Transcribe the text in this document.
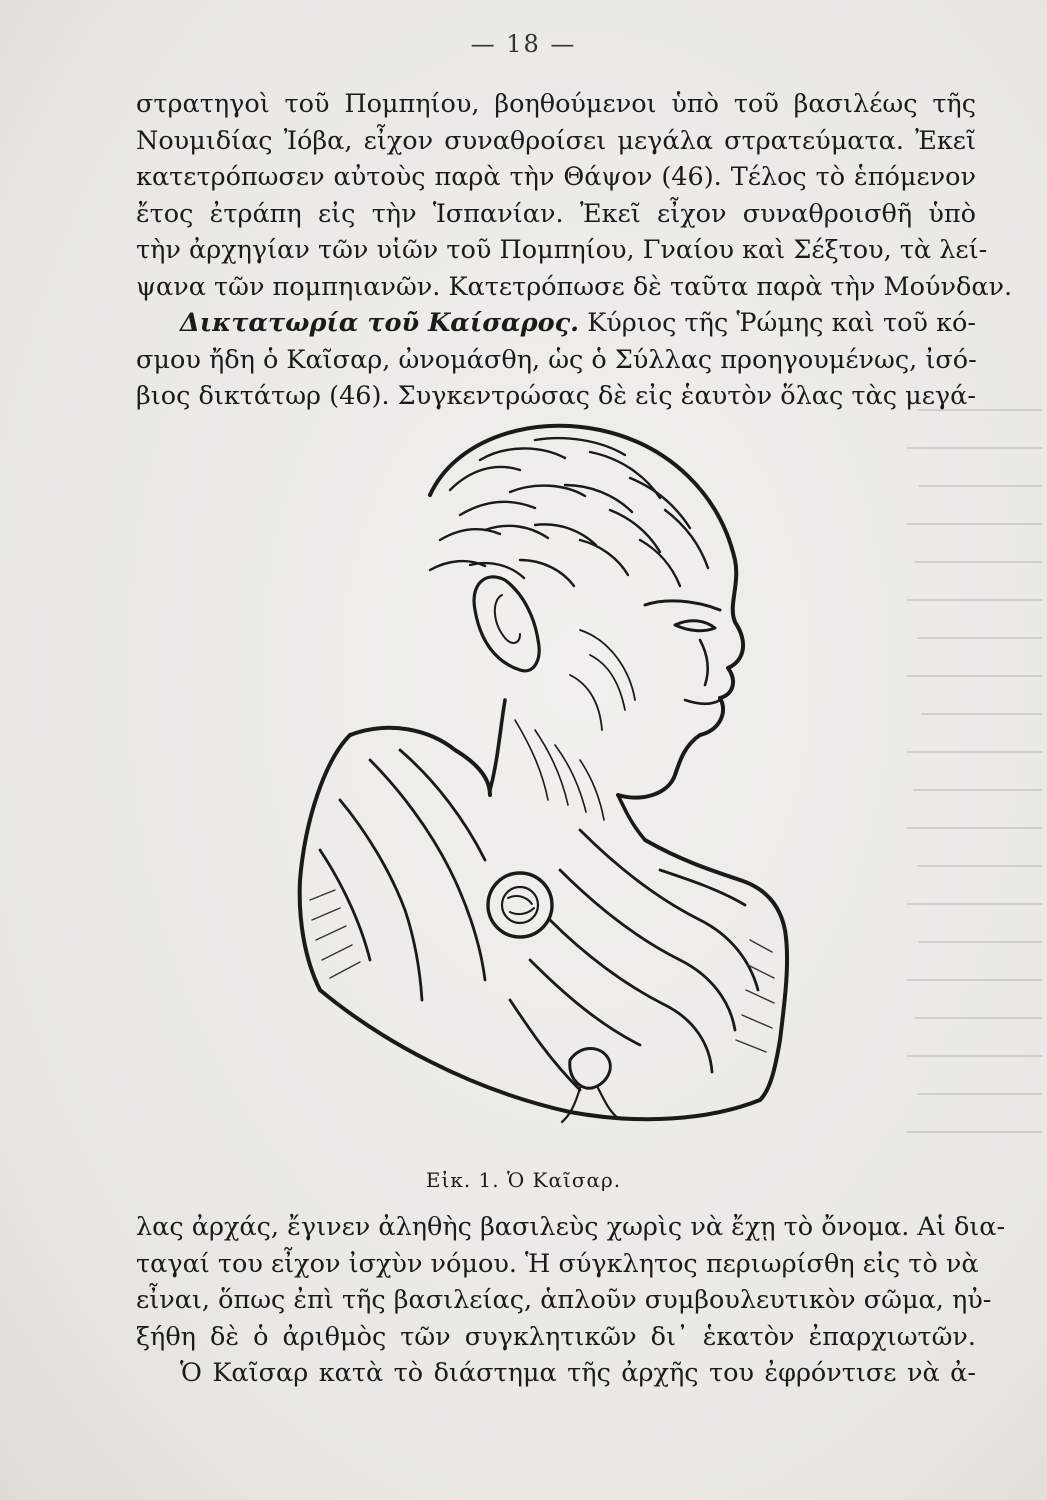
— 18 —

στρατηγοὶ τοῦ Πομπηίου, βοηθούμενοι ὑπὸ τοῦ βασιλέως τῆς
Νουμιδίας Ἰόβα, εἶχον συναθροίσει μεγάλα στρατεύματα. Ἐκεῖ
κατετρόπωσεν αὐτοὺς παρὰ τὴν Θάψον (46). Τέλος τὸ ἑπόμενον
ἔτος ἐτράπη εἰς τὴν Ἱσπανίαν. Ἐκεῖ εἶχον συναθροισθῆ ὑπὸ
τὴν ἀρχηγίαν τῶν υἱῶν τοῦ Πομπηίου, Γναίου καὶ Σέξτου, τὰ λεί-
ψανα τῶν πομπηιανῶν. Κατετρόπωσε δὲ ταῦτα παρὰ τὴν Μούνδαν.

Δικτατωρία τοῦ Καίσαρος. Κύριος τῆς Ῥώμης καὶ τοῦ κό-
σμου ἤδη ὁ Καῖσαρ, ὠνομάσθη, ὡς ὁ Σύλλας προηγουμένως, ἰσό-
βιος δικτάτωρ (46). Συγκεντρώσας δὲ εἰς ἑαυτὸν ὅλας τὰς μεγά-

Εἰκ. 1. Ὁ Καῖσαρ.

λας ἀρχάς, ἔγινεν ἀληθὴς βασιλεὺς χωρὶς νὰ ἔχῃ τὸ ὄνομα. Αἱ δια-
ταγαί του εἶχον ἰσχὺν νόμου. Ἡ σύγκλητος περιωρίσθη εἰς τὸ νὰ
εἶναι, ὅπως ἐπὶ τῆς βασιλείας, ἁπλοῦν συμβουλευτικὸν σῶμα, ηὐ-
ξήθη δὲ ὁ ἀριθμὸς τῶν συγκλητικῶν δι᾽ ἑκατὸν ἐπαρχιωτῶν.

Ὁ Καῖσαρ κατὰ τὸ διάστημα τῆς ἀρχῆς του ἐφρόντισε νὰ ἀ-
